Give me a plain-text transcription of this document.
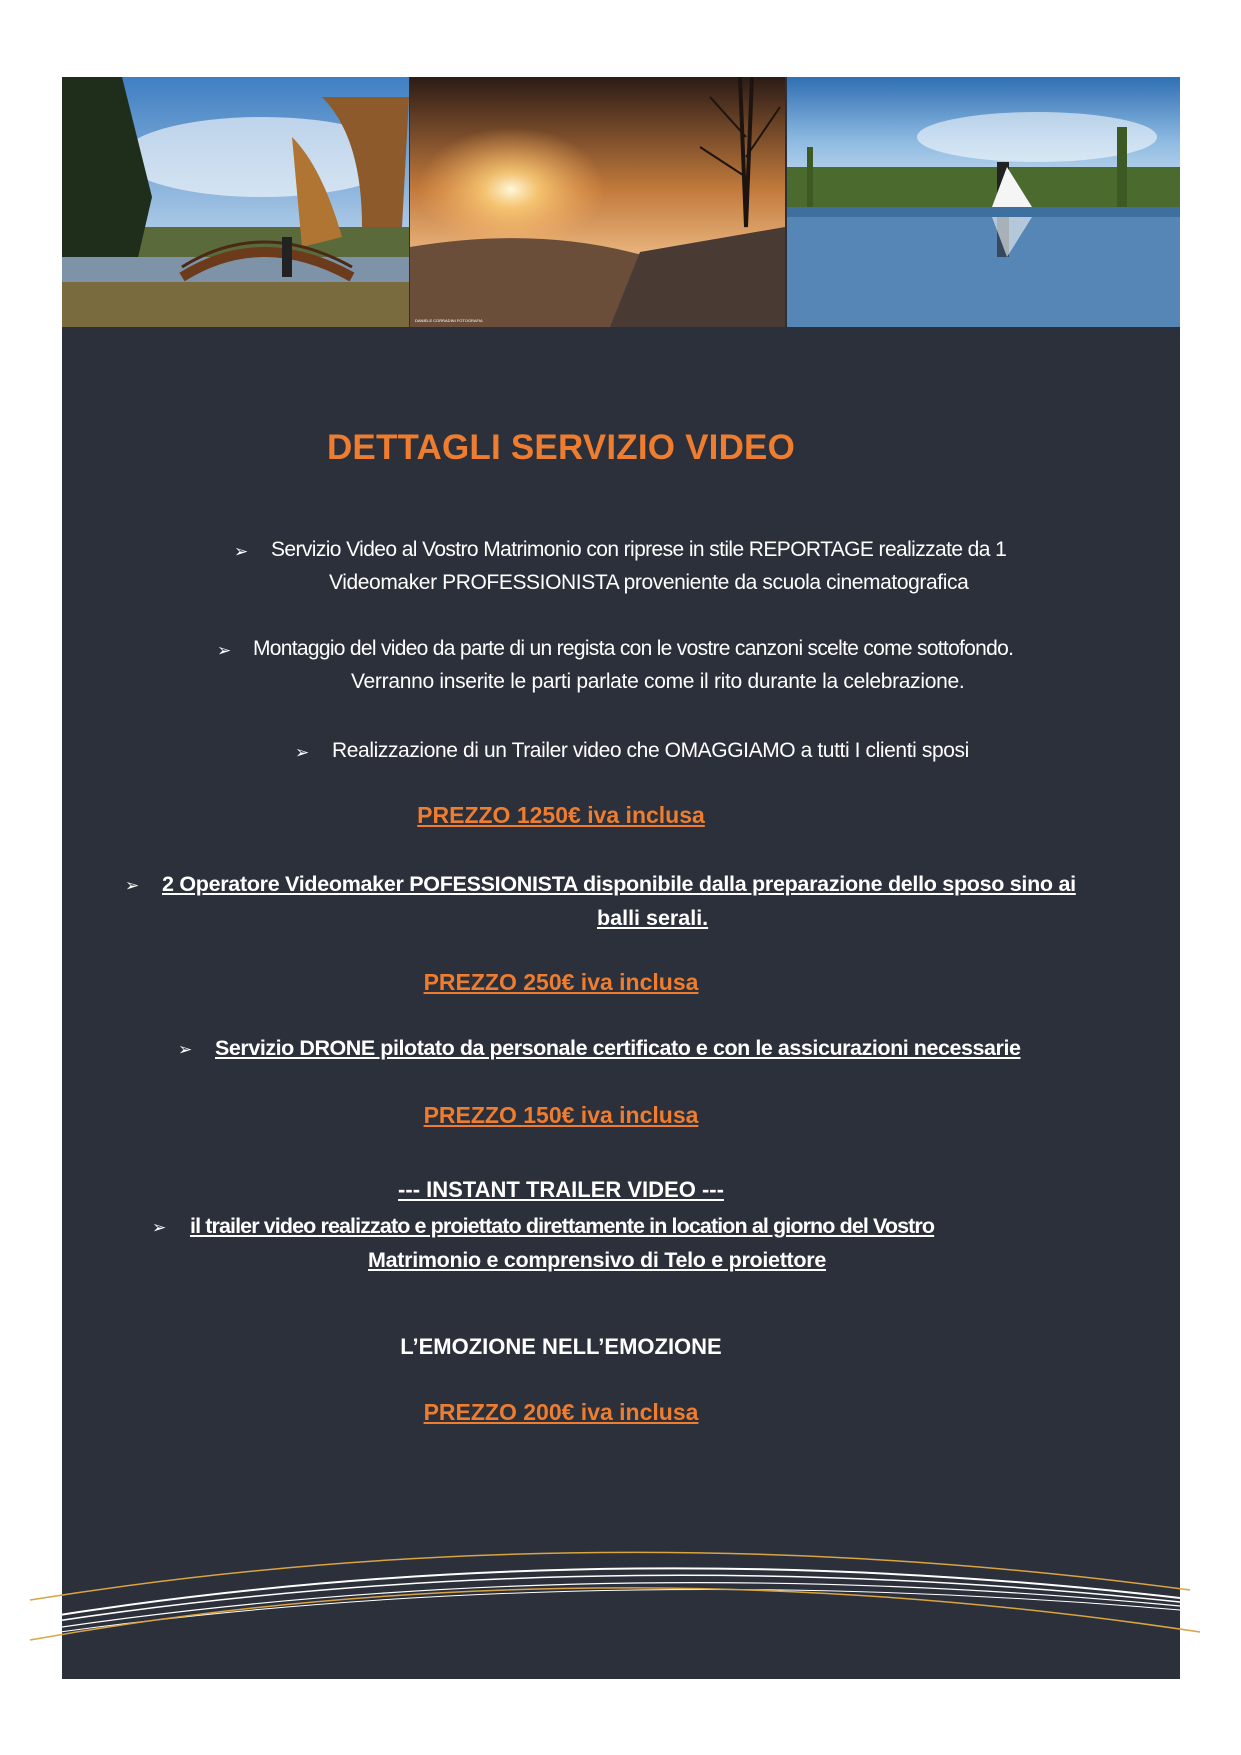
DANIELE CORRADINI FOTOGRAFIA
DETTAGLI SERVIZIO VIDEO
➢ Servizio Video al Vostro Matrimonio con riprese in stile REPORTAGE realizzate da 1
Videomaker PROFESSIONISTA proveniente da scuola cinematografica
➢ Montaggio del video da parte di un regista con le vostre canzoni scelte come sottofondo.
Verranno inserite le parti parlate come il rito durante la celebrazione.
➢ Realizzazione di un Trailer video che OMAGGIAMO a tutti I clienti sposi
PREZZO 1250€ iva inclusa
➢ 2 Operatore Videomaker POFESSIONISTA disponibile dalla preparazione dello sposo sino ai
balli serali.
PREZZO 250€ iva inclusa
➢ Servizio DRONE pilotato da personale certificato e con le assicurazioni necessarie
PREZZO 150€ iva inclusa
--- INSTANT TRAILER VIDEO ---
➢ il trailer video realizzato e proiettato direttamente in location al giorno del Vostro
Matrimonio e comprensivo di Telo e proiettore
L’EMOZIONE NELL’EMOZIONE
PREZZO 200€ iva inclusa
